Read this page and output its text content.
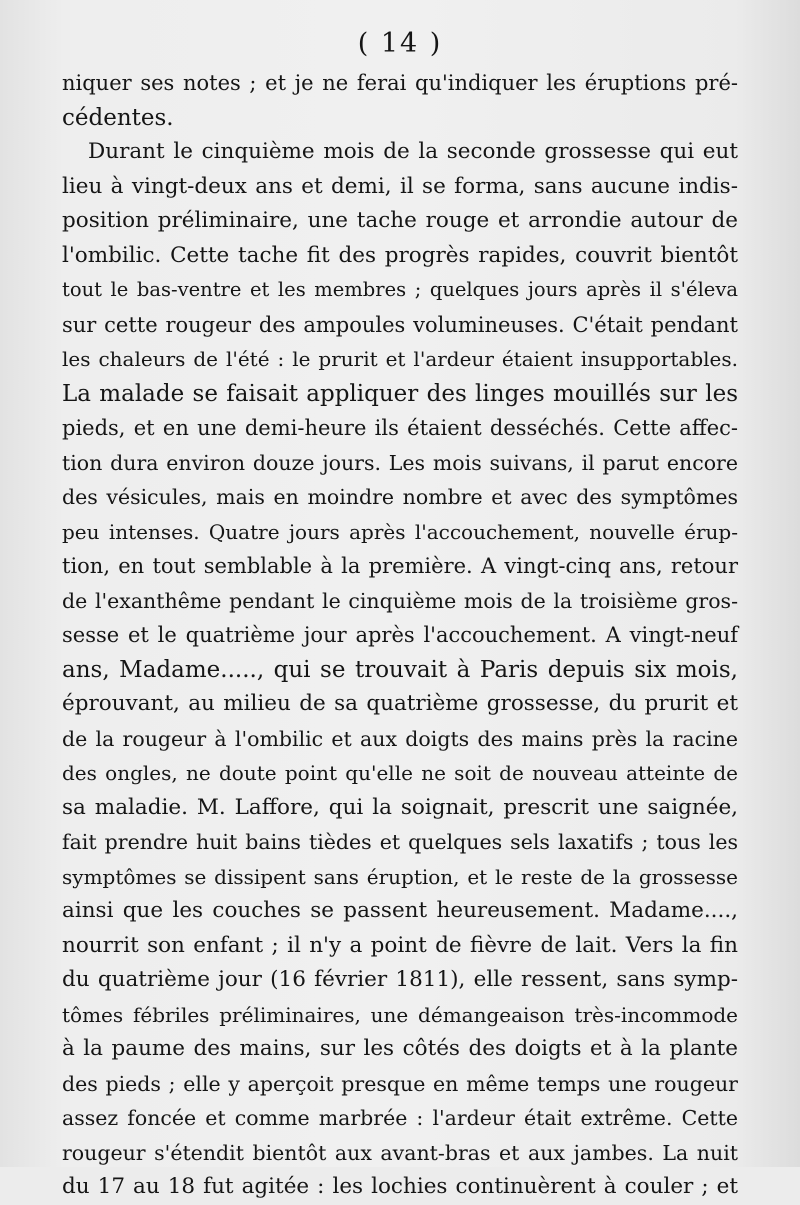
( 14 )
niquer ses notes ; et je ne ferai qu'indiquer les éruptions pré-
cédentes.
Durant le cinquième mois de la seconde grossesse qui eut
lieu à vingt-deux ans et demi, il se forma, sans aucune indis-
position préliminaire, une tache rouge et arrondie autour de
l'ombilic. Cette tache fit des progrès rapides, couvrit bientôt
tout le bas-ventre et les membres ; quelques jours après il s'éleva
sur cette rougeur des ampoules volumineuses. C'était pendant
les chaleurs de l'été : le prurit et l'ardeur étaient insupportables.
La malade se faisait appliquer des linges mouillés sur les
pieds, et en une demi-heure ils étaient desséchés. Cette affec-
tion dura environ douze jours. Les mois suivans, il parut encore
des vésicules, mais en moindre nombre et avec des symptômes
peu intenses. Quatre jours après l'accouchement, nouvelle érup-
tion, en tout semblable à la première. A vingt-cinq ans, retour
de l'exanthême pendant le cinquième mois de la troisième gros-
sesse et le quatrième jour après l'accouchement. A vingt-neuf
ans, Madame....., qui se trouvait à Paris depuis six mois,
éprouvant, au milieu de sa quatrième grossesse, du prurit et
de la rougeur à l'ombilic et aux doigts des mains près la racine
des ongles, ne doute point qu'elle ne soit de nouveau atteinte de
sa maladie. M. Laffore, qui la soignait, prescrit une saignée,
fait prendre huit bains tièdes et quelques sels laxatifs ; tous les
symptômes se dissipent sans éruption, et le reste de la grossesse
ainsi que les couches se passent heureusement. Madame....,
nourrit son enfant ; il n'y a point de fièvre de lait. Vers la fin
du quatrième jour (16 février 1811), elle ressent, sans symp-
tômes fébriles préliminaires, une démangeaison très-incommode
à la paume des mains, sur les côtés des doigts et à la plante
des pieds ; elle y aperçoit presque en même temps une rougeur
assez foncée et comme marbrée : l'ardeur était extrême. Cette
rougeur s'étendit bientôt aux avant-bras et aux jambes. La nuit
du 17 au 18 fut agitée : les lochies continuèrent à couler ; et
